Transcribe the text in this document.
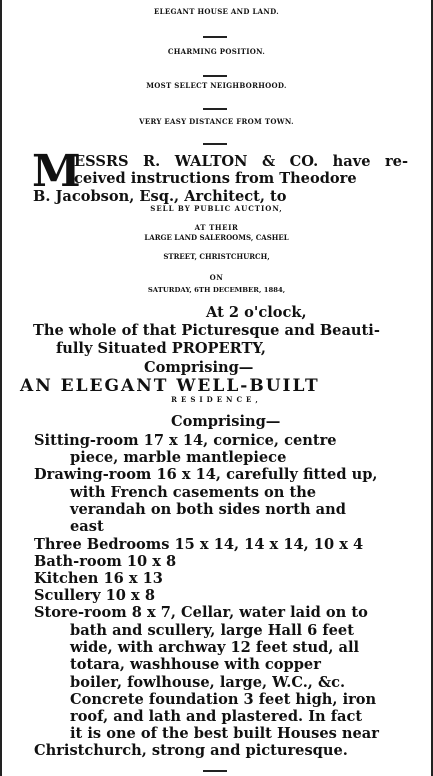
ELEGANT HOUSE AND LAND.
CHARMING POSITION.
MOST SELECT NEIGHBORHOOD.
VERY EASY DISTANCE FROM TOWN.
M
ESSRS R. WALTON & CO. have re-
ceived instructions from Theodore
B. Jacobson, Esq., Architect, to
SELL BY PUBLIC AUCTION,
AT THEIR
LARGE LAND SALEROOMS, CASHEL
STREET, CHRISTCHURCH,
ON
SATURDAY, 6TH DECEMBER, 1884,
At 2 o'clock,
The whole of that Picturesque and Beauti-
fully Situated PROPERTY,
Comprising—
AN ELEGANT WELL-BUILT
RESIDENCE,
Comprising—
Sitting-room 17 x 14, cornice, centre
piece, marble mantlepiece
Drawing-room 16 x 14, carefully fitted up,
with French casements on the
verandah on both sides north and
east
Three Bedrooms 15 x 14, 14 x 14, 10 x 4
Bath-room 10 x 8
Kitchen 16 x 13
Scullery 10 x 8
Store-room 8 x 7, Cellar, water laid on to
bath and scullery, large Hall 6 feet
wide, with archway 12 feet stud, all
totara, washhouse with copper
boiler, fowlhouse, large, W.C., &c.
Concrete foundation 3 feet high, iron
roof, and lath and plastered. In fact
it is one of the best built Houses near
Christchurch, strong and picturesque.
